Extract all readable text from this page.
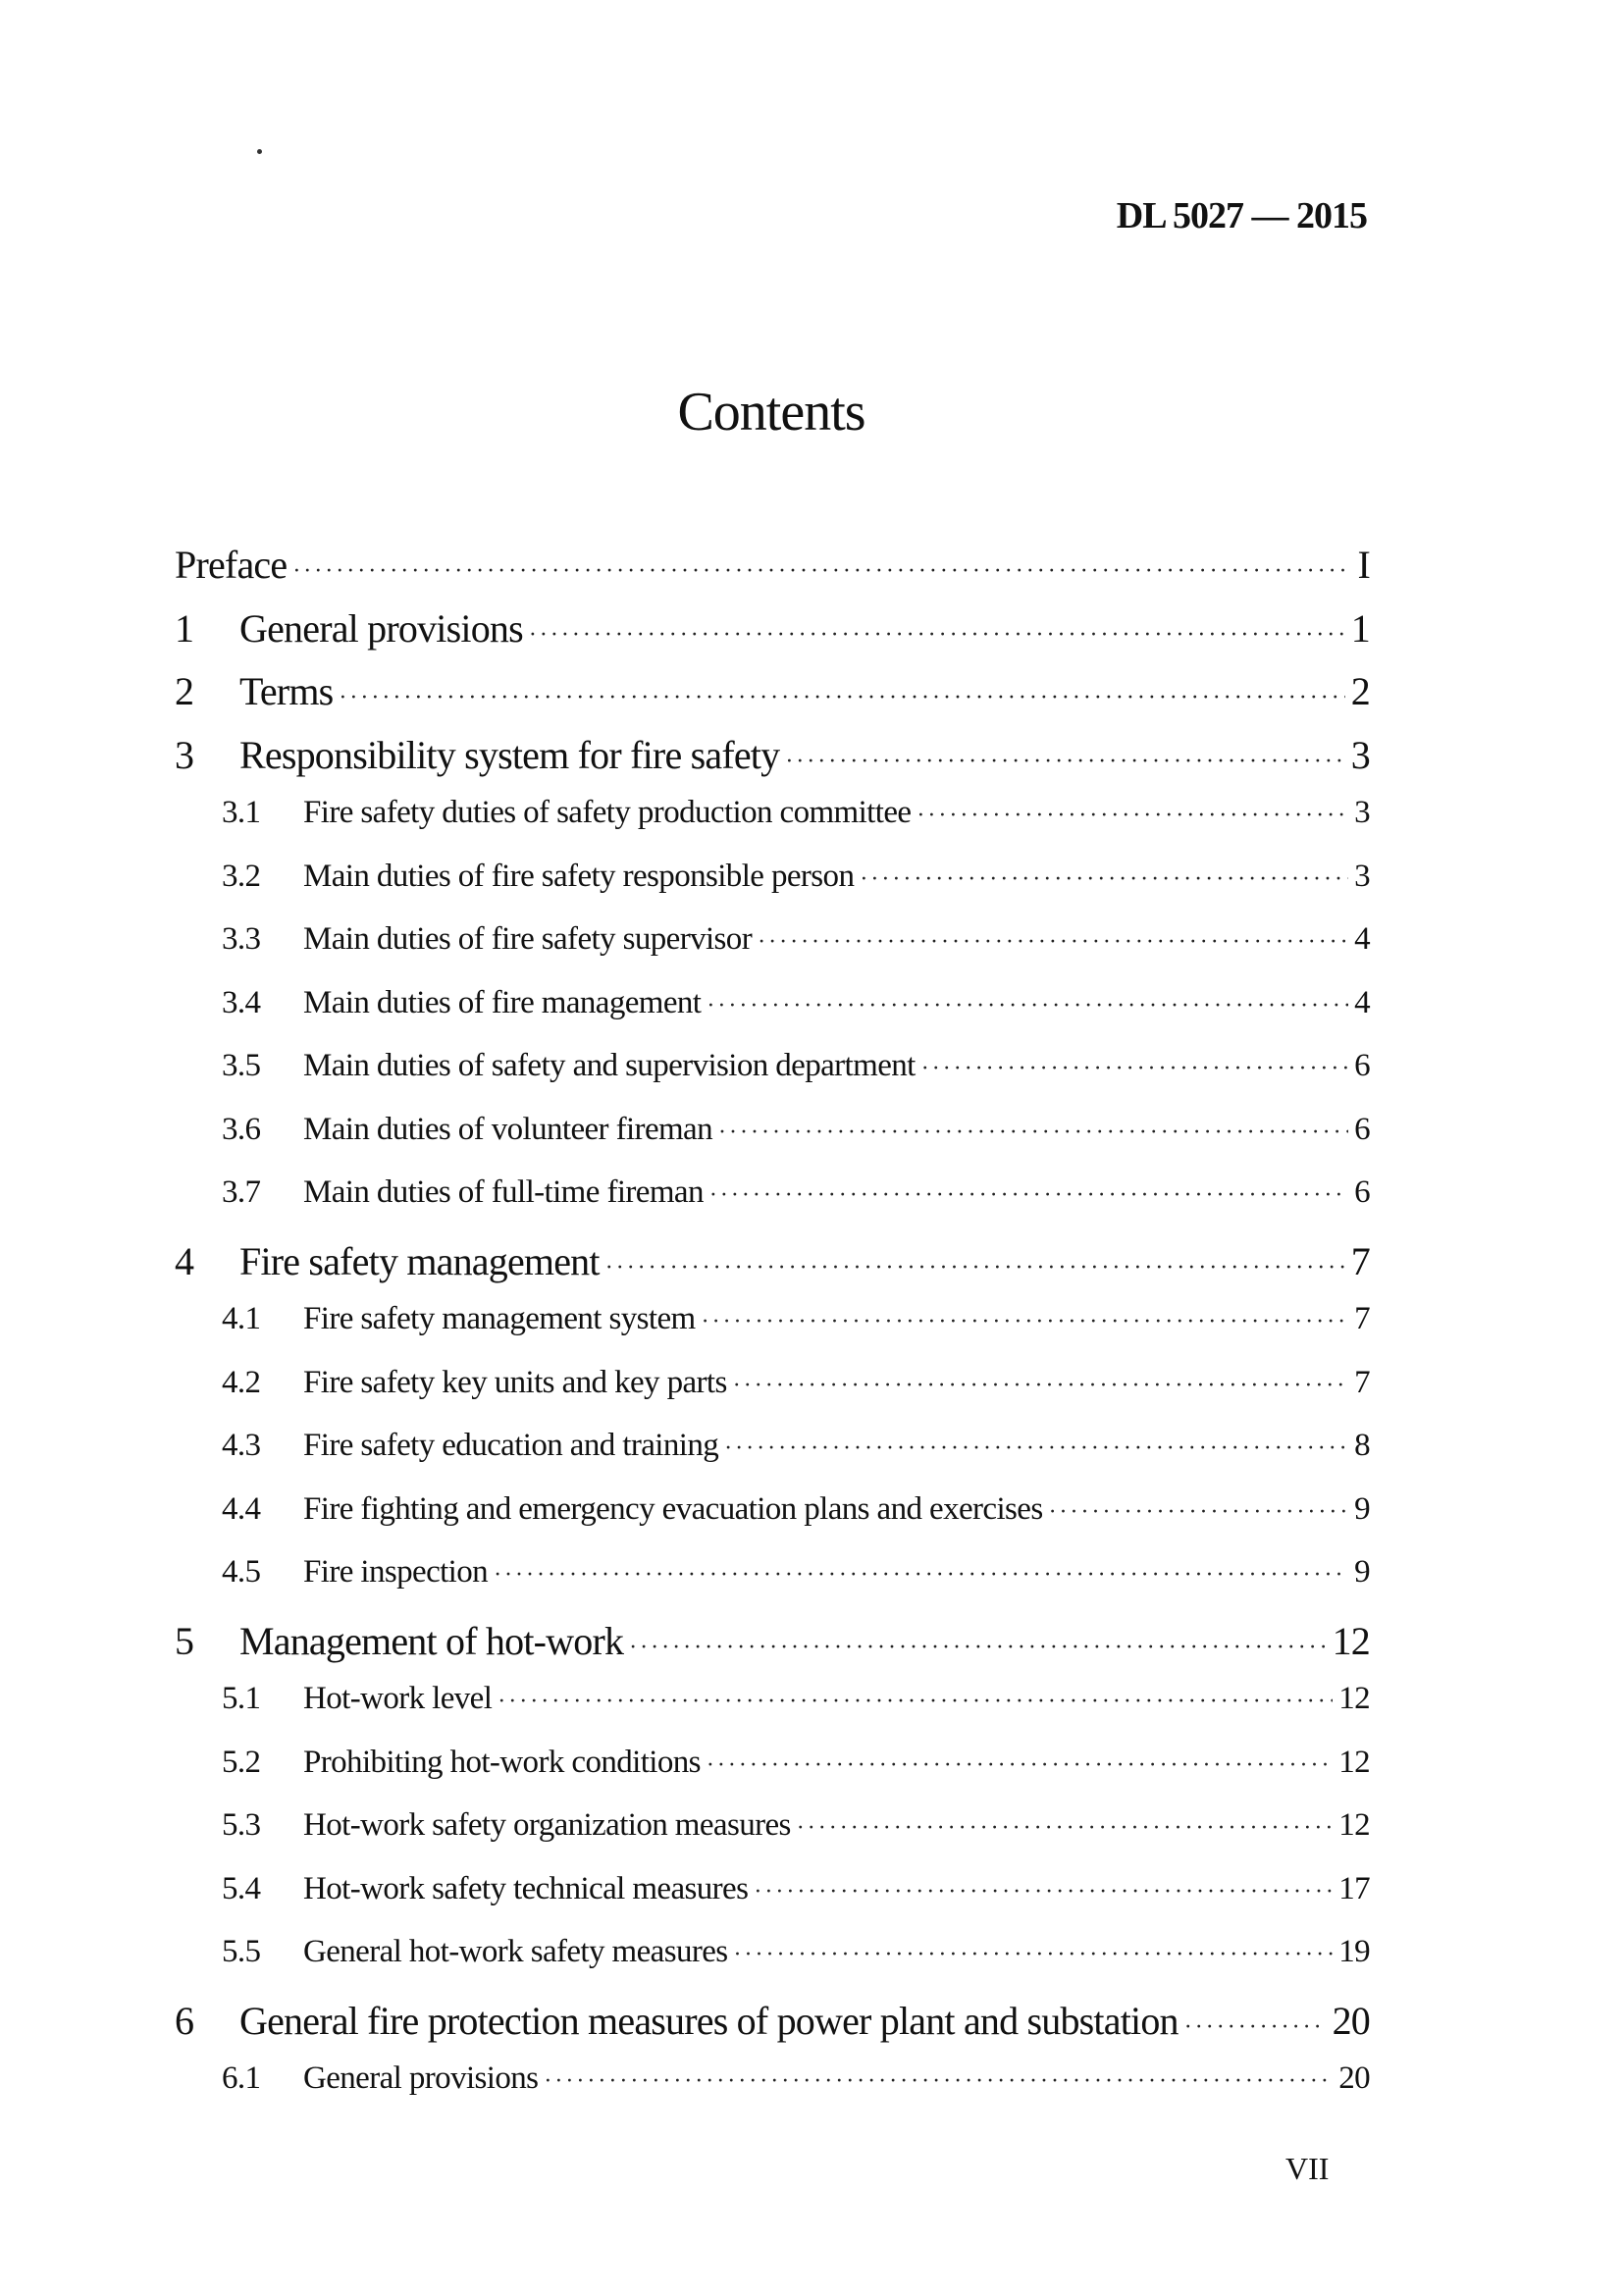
DL 5027 — 2015
Contents
Preface ·····	I
1	General provisions ·····	1
2	Terms ·····	2
3	Responsibility system for fire safety ·····	3
3.1	Fire safety duties of safety production committee ·····	3
3.2	Main duties of fire safety responsible person ·····	3
3.3	Main duties of fire safety supervisor ·····	4
3.4	Main duties of fire management ·····	4
3.5	Main duties of safety and supervision department ·····	6
3.6	Main duties of volunteer fireman ·····	6
3.7	Main duties of full-time fireman ·····	6
4	Fire safety management ·····	7
4.1	Fire safety management system ·····	7
4.2	Fire safety key units and key parts ·····	7
4.3	Fire safety education and training ·····	8
4.4	Fire fighting and emergency evacuation plans and exercises ·····	9
4.5	Fire inspection ·····	9
5	Management of hot-work ·····	12
5.1	Hot-work level ·····	12
5.2	Prohibiting hot-work conditions ·····	12
5.3	Hot-work safety organization measures ·····	12
5.4	Hot-work safety technical measures ·····	17
5.5	General hot-work safety measures ·····	19
6	General fire protection measures of power plant and substation ·····	20
6.1	General provisions ·····	20
VII
